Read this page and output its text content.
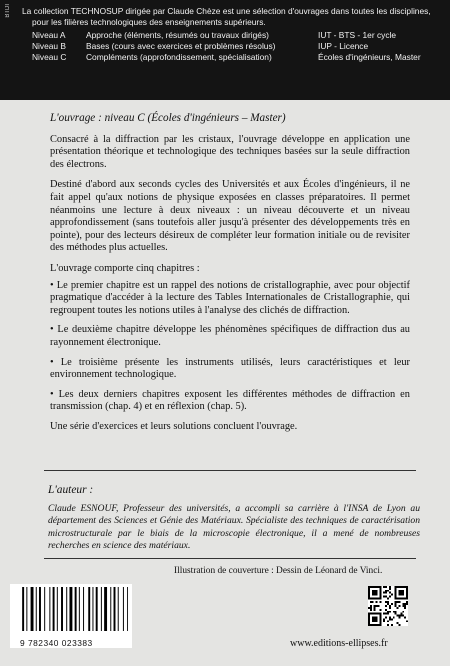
BTDI	La collection TECHNOSUP dirigée par Claude Chèze est une sélection d'ouvrages dans toutes les disciplines,
pour les filières technologiques des enseignements supérieurs.
Niveau A	Approche (éléments, résumés ou travaux dirigés)	IUT - BTS - 1er cycle
Niveau B	Bases (cours avec exercices et problèmes résolus)	IUP - Licence
Niveau C	Compléments (approfondissement, spécialisation)	Écoles d'ingénieurs, Master
L'ouvrage : niveau C (Écoles d'ingénieurs – Master)

Consacré à la diffraction par les cristaux, l'ouvrage développe en application une présentation théorique et technologique des techniques basées sur la seule diffraction des électrons.

Destiné d'abord aux seconds cycles des Universités et aux Écoles d'ingénieurs, il ne fait appel qu'aux notions de physique exposées en classes préparatoires. Il permet néanmoins une lecture à deux niveaux : un niveau découverte et un niveau approfondissement (sans toutefois aller jusqu'à présenter des développements très en pointe), pour des lecteurs désireux de compléter leur formation initiale ou de revisiter des méthodes plus actuelles.

L'ouvrage comporte cinq chapitres :

• Le premier chapitre est un rappel des notions de cristallographie, avec pour objectif pragmatique d'accéder à la lecture des Tables Internationales de Cristallographie, qui regroupent toutes les notions utiles à l'analyse des clichés de diffraction.

• Le deuxième chapitre développe les phénomènes spécifiques de diffraction dus au rayonnement électronique.

• Le troisième présente les instruments utilisés, leurs caractéristiques et leur environnement technologique.

• Les deux derniers chapitres exposent les différentes méthodes de diffraction en transmission (chap. 4) et en réflexion (chap. 5).

Une série d'exercices et leurs solutions concluent l'ouvrage.

L'auteur :
Claude ESNOUF, Professeur des universités, a accompli sa carrière à l'INSA de Lyon au département des Sciences et Génie des Matériaux. Spécialiste des techniques de caractérisation microstructurale par le biais de la microscopie électronique, il a mené de nombreuses recherches en science des matériaux.
Illustration de couverture : Dessin de Léonard de Vinci.
9 782340 023383	www.editions-ellipses.fr
